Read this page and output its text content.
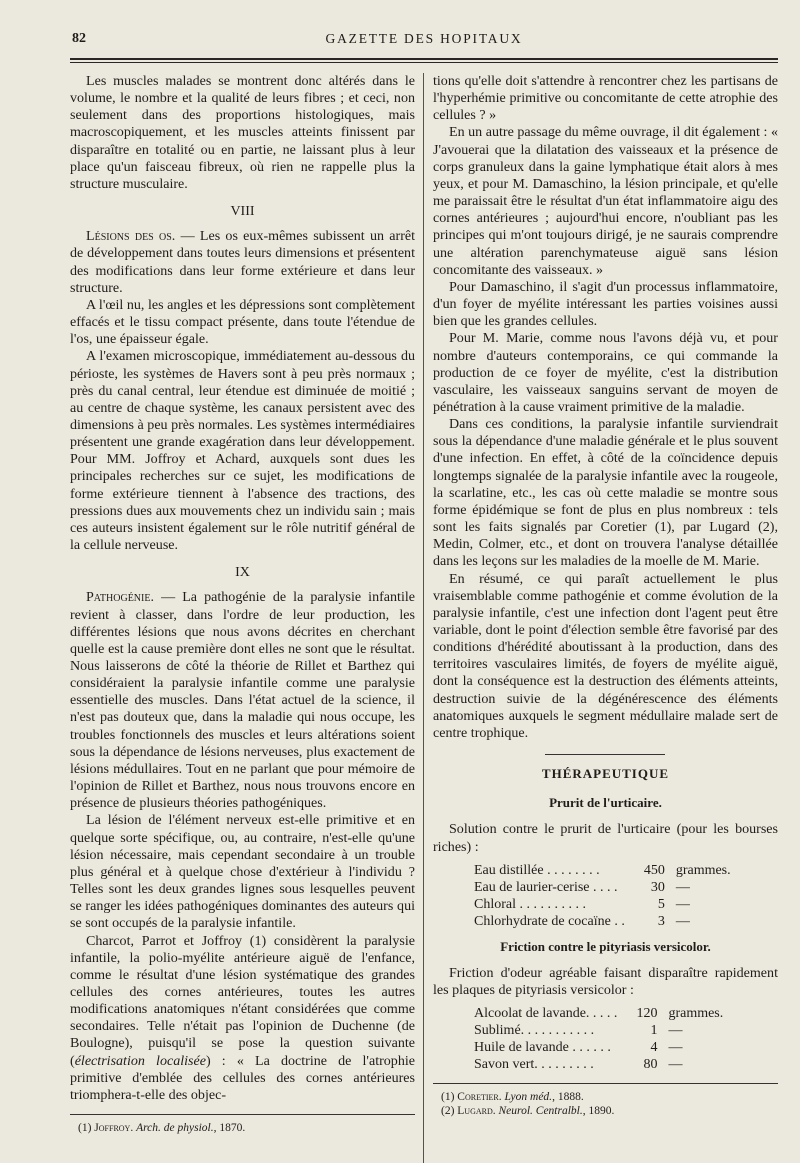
82	GAZETTE DES HOPITAUX

Les muscles malades se montrent donc altérés dans le volume, le nombre et la qualité de leurs fibres ; et ceci, non seulement dans des proportions histologiques, mais macroscopiquement, et les muscles atteints finissent par disparaître en totalité ou en partie, ne laissant plus à leur place qu'un faisceau fibreux, où rien ne rappelle plus la structure musculaire.

VIII

Lésions des os. — Les os eux-mêmes subissent un arrêt de développement dans toutes leurs dimensions et présentent des modifications dans leur forme extérieure et dans leur structure.

A l'œil nu, les angles et les dépressions sont complètement effacés et le tissu compact présente, dans toute l'étendue de l'os, une épaisseur égale.

A l'examen microscopique, immédiatement au-dessous du périoste, les systèmes de Havers sont à peu près normaux ; près du canal central, leur étendue est diminuée de moitié ; au centre de chaque système, les canaux persistent avec des dimensions à peu près normales. Les systèmes intermédiaires présentent une grande exagération dans leur développement. Pour MM. Joffroy et Achard, auxquels sont dues les principales recherches sur ce sujet, les modifications de forme extérieure tiennent à l'absence des tractions, des pressions dues aux mouvements chez un individu sain ; mais ces auteurs insistent également sur le rôle nutritif général de la cellule nerveuse.

IX

Pathogénie. — La pathogénie de la paralysie infantile revient à classer, dans l'ordre de leur production, les différentes lésions que nous avons décrites en cherchant quelle est la cause première dont elles ne sont que le résultat. Nous laisserons de côté la théorie de Rillet et Barthez qui considéraient la paralysie infantile comme une paralysie essentielle des muscles. Dans l'état actuel de la science, il n'est pas douteux que, dans la maladie qui nous occupe, les troubles fonctionnels des muscles et leurs altérations soient sous la dépendance de lésions nerveuses, plus exactement de lésions médullaires. Tout en ne parlant que pour mémoire de l'opinion de Rillet et Barthez, nous nous trouvons encore en présence de plusieurs théories pathogéniques.

La lésion de l'élément nerveux est-elle primitive et en quelque sorte spécifique, ou, au contraire, n'est-elle qu'une lésion nécessaire, mais cependant secondaire à un trouble plus général et à quelque chose d'extérieur à l'individu ? Telles sont les deux grandes lignes sous lesquelles peuvent se ranger les idées pathogéniques dominantes des auteurs qui se sont occupés de la paralysie infantile.

Charcot, Parrot et Joffroy (1) considèrent la paralysie infantile, la polio-myélite antérieure aiguë de l'enfance, comme le résultat d'une lésion systématique des grandes cellules des cornes antérieures, toutes les autres modifications anatomiques n'étant considérées que comme secondaires. Telle n'était pas l'opinion de Duchenne (de Boulogne), puisqu'il se pose la question suivante (électrisation localisée) : « La doctrine de l'atrophie primitive d'emblée des cellules des cornes antérieures triomphera-t-elle des objec-

(1) Joffroy. Arch. de physiol., 1870.

tions qu'elle doit s'attendre à rencontrer chez les partisans de l'hyperhémie primitive ou concomitante de cette atrophie des cellules ? »

En un autre passage du même ouvrage, il dit également : « J'avouerai que la dilatation des vaisseaux et la présence de corps granuleux dans la gaine lymphatique était alors à mes yeux, et pour M. Damaschino, la lésion principale, et qu'elle me paraissait être le résultat d'un état inflammatoire aigu des cornes antérieures ; aujourd'hui encore, n'oubliant pas les principes qui m'ont toujours dirigé, je ne saurais comprendre une altération parenchymateuse aiguë sans lésion concomitante des vaisseaux. »

Pour Damaschino, il s'agit d'un processus inflammatoire, d'un foyer de myélite intéressant les parties voisines aussi bien que les grandes cellules.

Pour M. Marie, comme nous l'avons déjà vu, et pour nombre d'auteurs contemporains, ce qui commande la production de ce foyer de myélite, c'est la distribution vasculaire, les vaisseaux sanguins servant de moyen de pénétration à la cause vraiment primitive de la maladie.

Dans ces conditions, la paralysie infantile surviendrait sous la dépendance d'une maladie générale et le plus souvent d'une infection. En effet, à côté de la coïncidence depuis longtemps signalée de la paralysie infantile avec la rougeole, la scarlatine, etc., les cas où cette maladie se montre sous forme épidémique se font de plus en plus nombreux : tels sont les faits signalés par Coretier (1), par Lugard (2), Medin, Colmer, etc., et dont on trouvera l'analyse détaillée dans les leçons sur les maladies de la moelle de M. Marie.

En résumé, ce qui paraît actuellement le plus vraisemblable comme pathogénie et comme évolution de la paralysie infantile, c'est une infection dont l'agent peut être variable, dont le point d'élection semble être favorisé par des conditions d'hérédité aboutissant à la production, dans des territoires vasculaires limités, de foyers de myélite aiguë, dont la conséquence est la destruction des éléments atteints, destruction suivie de la dégénérescence des éléments anatomiques auxquels le segment médullaire malade sert de centre trophique.

THÉRAPEUTIQUE
Prurit de l'urticaire.

Solution contre le prurit de l'urticaire (pour les bourses riches) :

Eau distillée . . . . . . . .	450	grammes.
Eau de laurier-cerise . . . .	30	—
Chloral . . . . . . . . . .	5	—
Chlorhydrate de cocaïne . .	3	—
Friction contre le pityriasis versicolor.

Friction d'odeur agréable faisant disparaître rapidement les plaques de pityriasis versicolor :

Alcoolat de lavande. . . . .	120	grammes.
Sublimé. . . . . . . . . . .	1	—
Huile de lavande . . . . . .	4	—
Savon vert. . . . . . . . .	80	—
(1) Coretier. Lyon méd., 1888.
(2) Lugard. Neurol. Centralbl., 1890.
